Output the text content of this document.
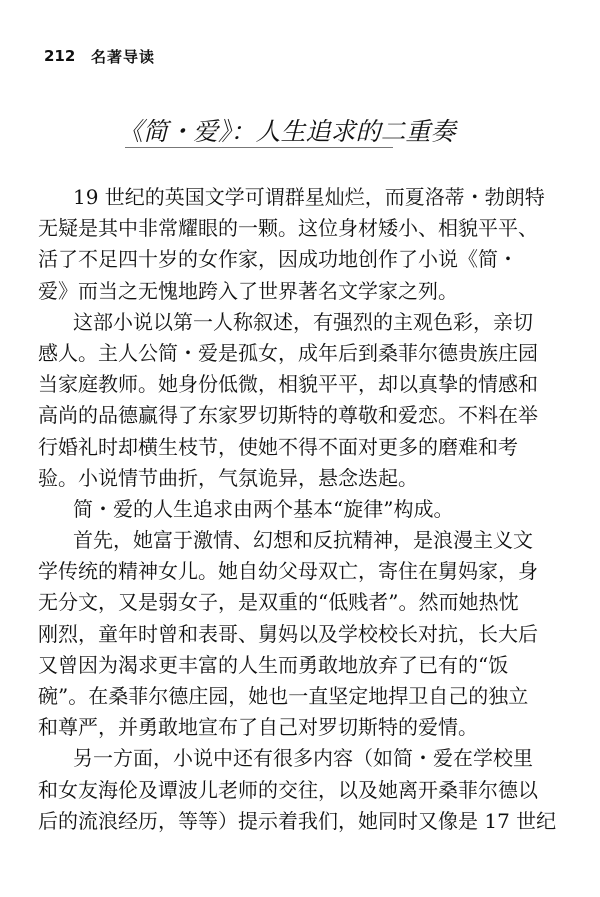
212 名著导读
《简・爱》：人生追求的二重奏
19 世纪的英国文学可谓群星灿烂，而夏洛蒂・勃朗特
无疑是其中非常耀眼的一颗。这位身材矮小、相貌平平、
活了不足四十岁的女作家，因成功地创作了小说《简・
爱》而当之无愧地跨入了世界著名文学家之列。
这部小说以第一人称叙述，有强烈的主观色彩，亲切
感人。主人公简・爱是孤女，成年后到桑菲尔德贵族庄园
当家庭教师。她身份低微，相貌平平，却以真挚的情感和
高尚的品德赢得了东家罗切斯特的尊敬和爱恋。不料在举
行婚礼时却横生枝节，使她不得不面对更多的磨难和考
验。小说情节曲折，气氛诡异，悬念迭起。
简・爱的人生追求由两个基本“旋律”构成。
首先，她富于激情、幻想和反抗精神，是浪漫主义文
学传统的精神女儿。她自幼父母双亡，寄住在舅妈家，身
无分文，又是弱女子，是双重的“低贱者”。然而她热忱
刚烈，童年时曾和表哥、舅妈以及学校校长对抗，长大后
又曾因为渴求更丰富的人生而勇敢地放弃了已有的“饭
碗”。在桑菲尔德庄园，她也一直坚定地捍卫自己的独立
和尊严，并勇敢地宣布了自己对罗切斯特的爱情。
另一方面，小说中还有很多内容（如简・爱在学校里
和女友海伦及谭波儿老师的交往，以及她离开桑菲尔德以
后的流浪经历，等等）提示着我们，她同时又像是 17 世纪
